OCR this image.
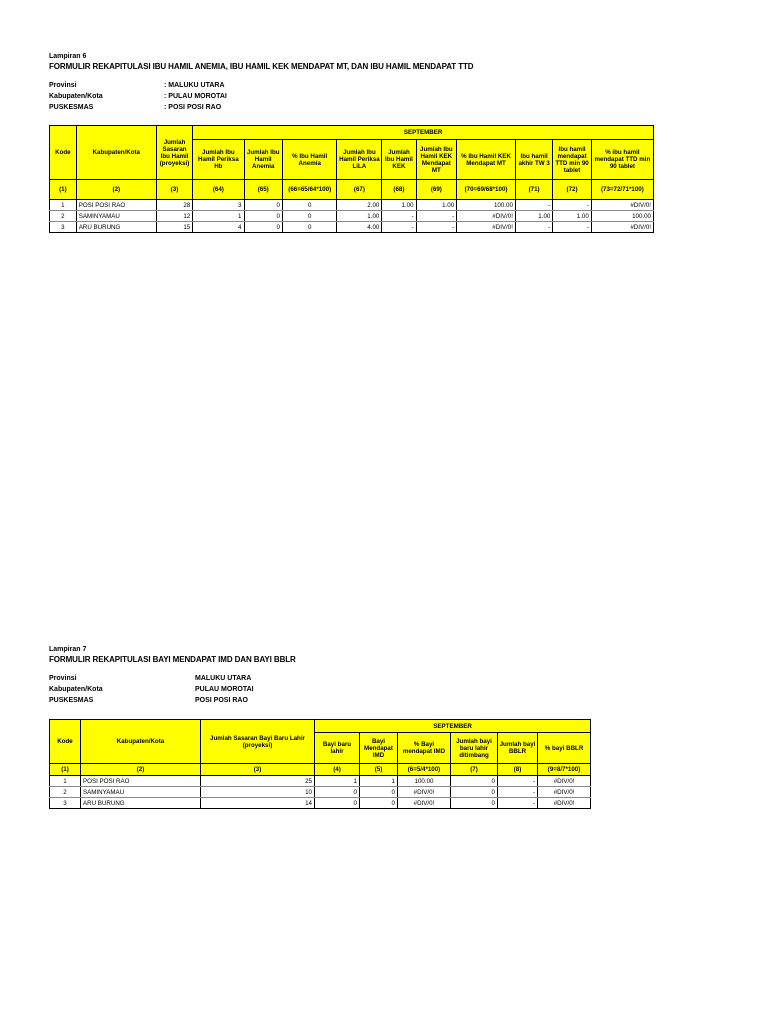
Lampiran 6

FORMULIR REKAPITULASI IBU HAMIL ANEMIA, IBU HAMIL KEK MENDAPAT MT, DAN IBU HAMIL MENDAPAT TTD

Provinsi	: MALUKU UTARA
Kabupaten/Kota	: PULAU MOROTAI
PUSKESMAS	: POSI POSI RAO
Kode	Kabupaten/Kota	Jumlah Sasaran Ibu Hamil (proyeksi)	SEPTEMBER									
			Jumlah Ibu Hamil Periksa Hb	Jumlah Ibu Hamil Anemia	% Ibu Hamil Anemia	Jumlah Ibu Hamil Periksa LiLA	Jumlah Ibu Hamil KEK	Jumlah Ibu Hamil KEK Mendapat MT	% Ibu Hamil KEK Mendapat MT	Ibu hamil akhir TW 3	Ibu hamil mendapat TTD min 90 tablet	% ibu hamil mendapat TTD min 90 tablet
(1)	(2)	(3)	(64)	(65)	(66=65/64*100)	(67)	(68)	(69)	(70=69/68*100)	(71)	(72)	(73=72/71*100)
1	POSI POSI RAO	28	3	0	0	2.00	1.00	1.00	100.00	-	-	#DIV/0!
2	SAMINYAMAU	12	1	0	0	1.00	-	-	#DIV/0!	1.00	1.00	100.00
3	ARU BURUNG	15	4	0	0	4.00	-	-	#DIV/0!	-	-	#DIV/0!

Lampiran 7

FORMULIR REKAPITULASI BAYI MENDAPAT IMD DAN BAYI BBLR

Provinsi	MALUKU UTARA
Kabupaten/Kota	PULAU MOROTAI
PUSKESMAS	POSI POSI RAO
Kode	Kabupaten/Kota	Jumlah Sasaran Bayi Baru Lahir (proyeksi)	SEPTEMBER					
			Bayi baru lahir	Bayi Mendapat IMD	% Bayi mendapat IMD	Jumlah bayi baru lahir ditimbang	Jumlah bayi BBLR	% bayi BBLR
(1)	(2)	(3)	(4)	(5)	(6=5/4*100)	(7)	(8)	(9=8/7*100)
1	POSI POSI RAO	25	1	1	100.00	0	-	#DIV/0!
2	SAMINYAMAU	10	0	0	#DIV/0!	0	-	#DIV/0!
3	ARU BURUNG	14	0	0	#DIV/0!	0	-	#DIV/0!
